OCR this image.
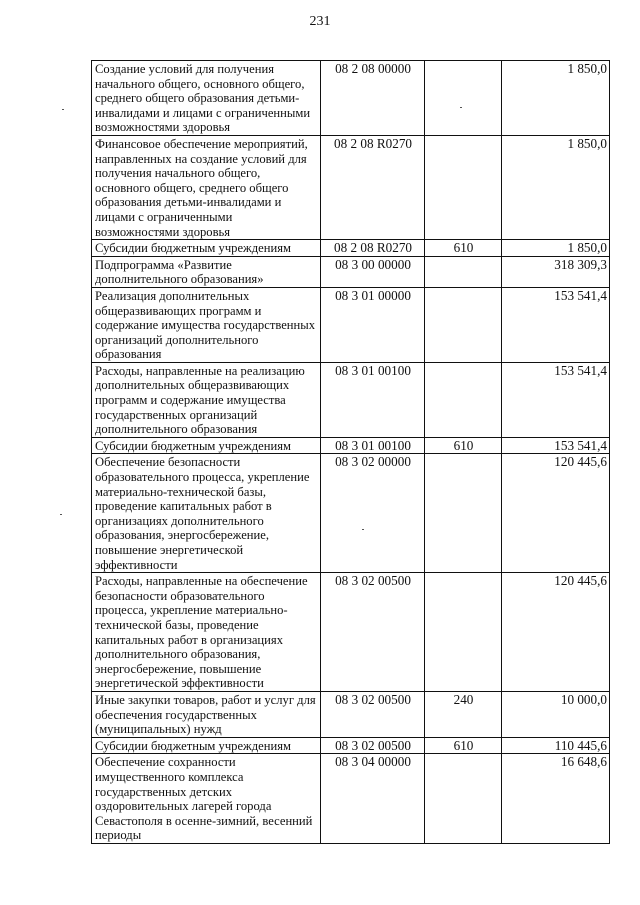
231
Создание условий для получения начального общего, основного общего, среднего общего образования детьми-инвалидами и лицами с ограниченными возможностями здоровья	08 2 08 00000		1 850,0
Финансовое обеспечение мероприятий, направленных на создание условий для получения начального общего, основного общего, среднего общего образования детьми-инвалидами и лицами с ограниченными возможностями здоровья	08 2 08 R0270		1 850,0
Субсидии бюджетным учреждениям	08 2 08 R0270	610	1 850,0
Подпрограмма «Развитие дополнительного образования»	08 3 00 00000		318 309,3
Реализация дополнительных общеразвивающих программ и содержание имущества государственных организаций дополнительного образования	08 3 01 00000		153 541,4
Расходы, направленные на реализацию дополнительных общеразвивающих программ и содержание имущества государственных организаций дополнительного образования	08 3 01 00100		153 541,4
Субсидии бюджетным учреждениям	08 3 01 00100	610	153 541,4
Обеспечение безопасности образовательного процесса, укрепление материально-технической базы, проведение капитальных работ в организациях дополнительного образования, энергосбережение, повышение энергетической эффективности	08 3 02 00000		120 445,6
Расходы, направленные на обеспечение безопасности образовательного процесса, укрепление материально-технической базы, проведение капитальных работ в организациях дополнительного образования, энергосбережение, повышение энергетической эффективности	08 3 02 00500		120 445,6
Иные закупки товаров, работ и услуг для обеспечения государственных (муниципальных) нужд	08 3 02 00500	240	10 000,0
Субсидии бюджетным учреждениям	08 3 02 00500	610	110 445,6
Обеспечение сохранности имущественного комплекса государственных детских оздоровительных лагерей города Севастополя в осенне-зимний, весенний периоды	08 3 04 00000		16 648,6
